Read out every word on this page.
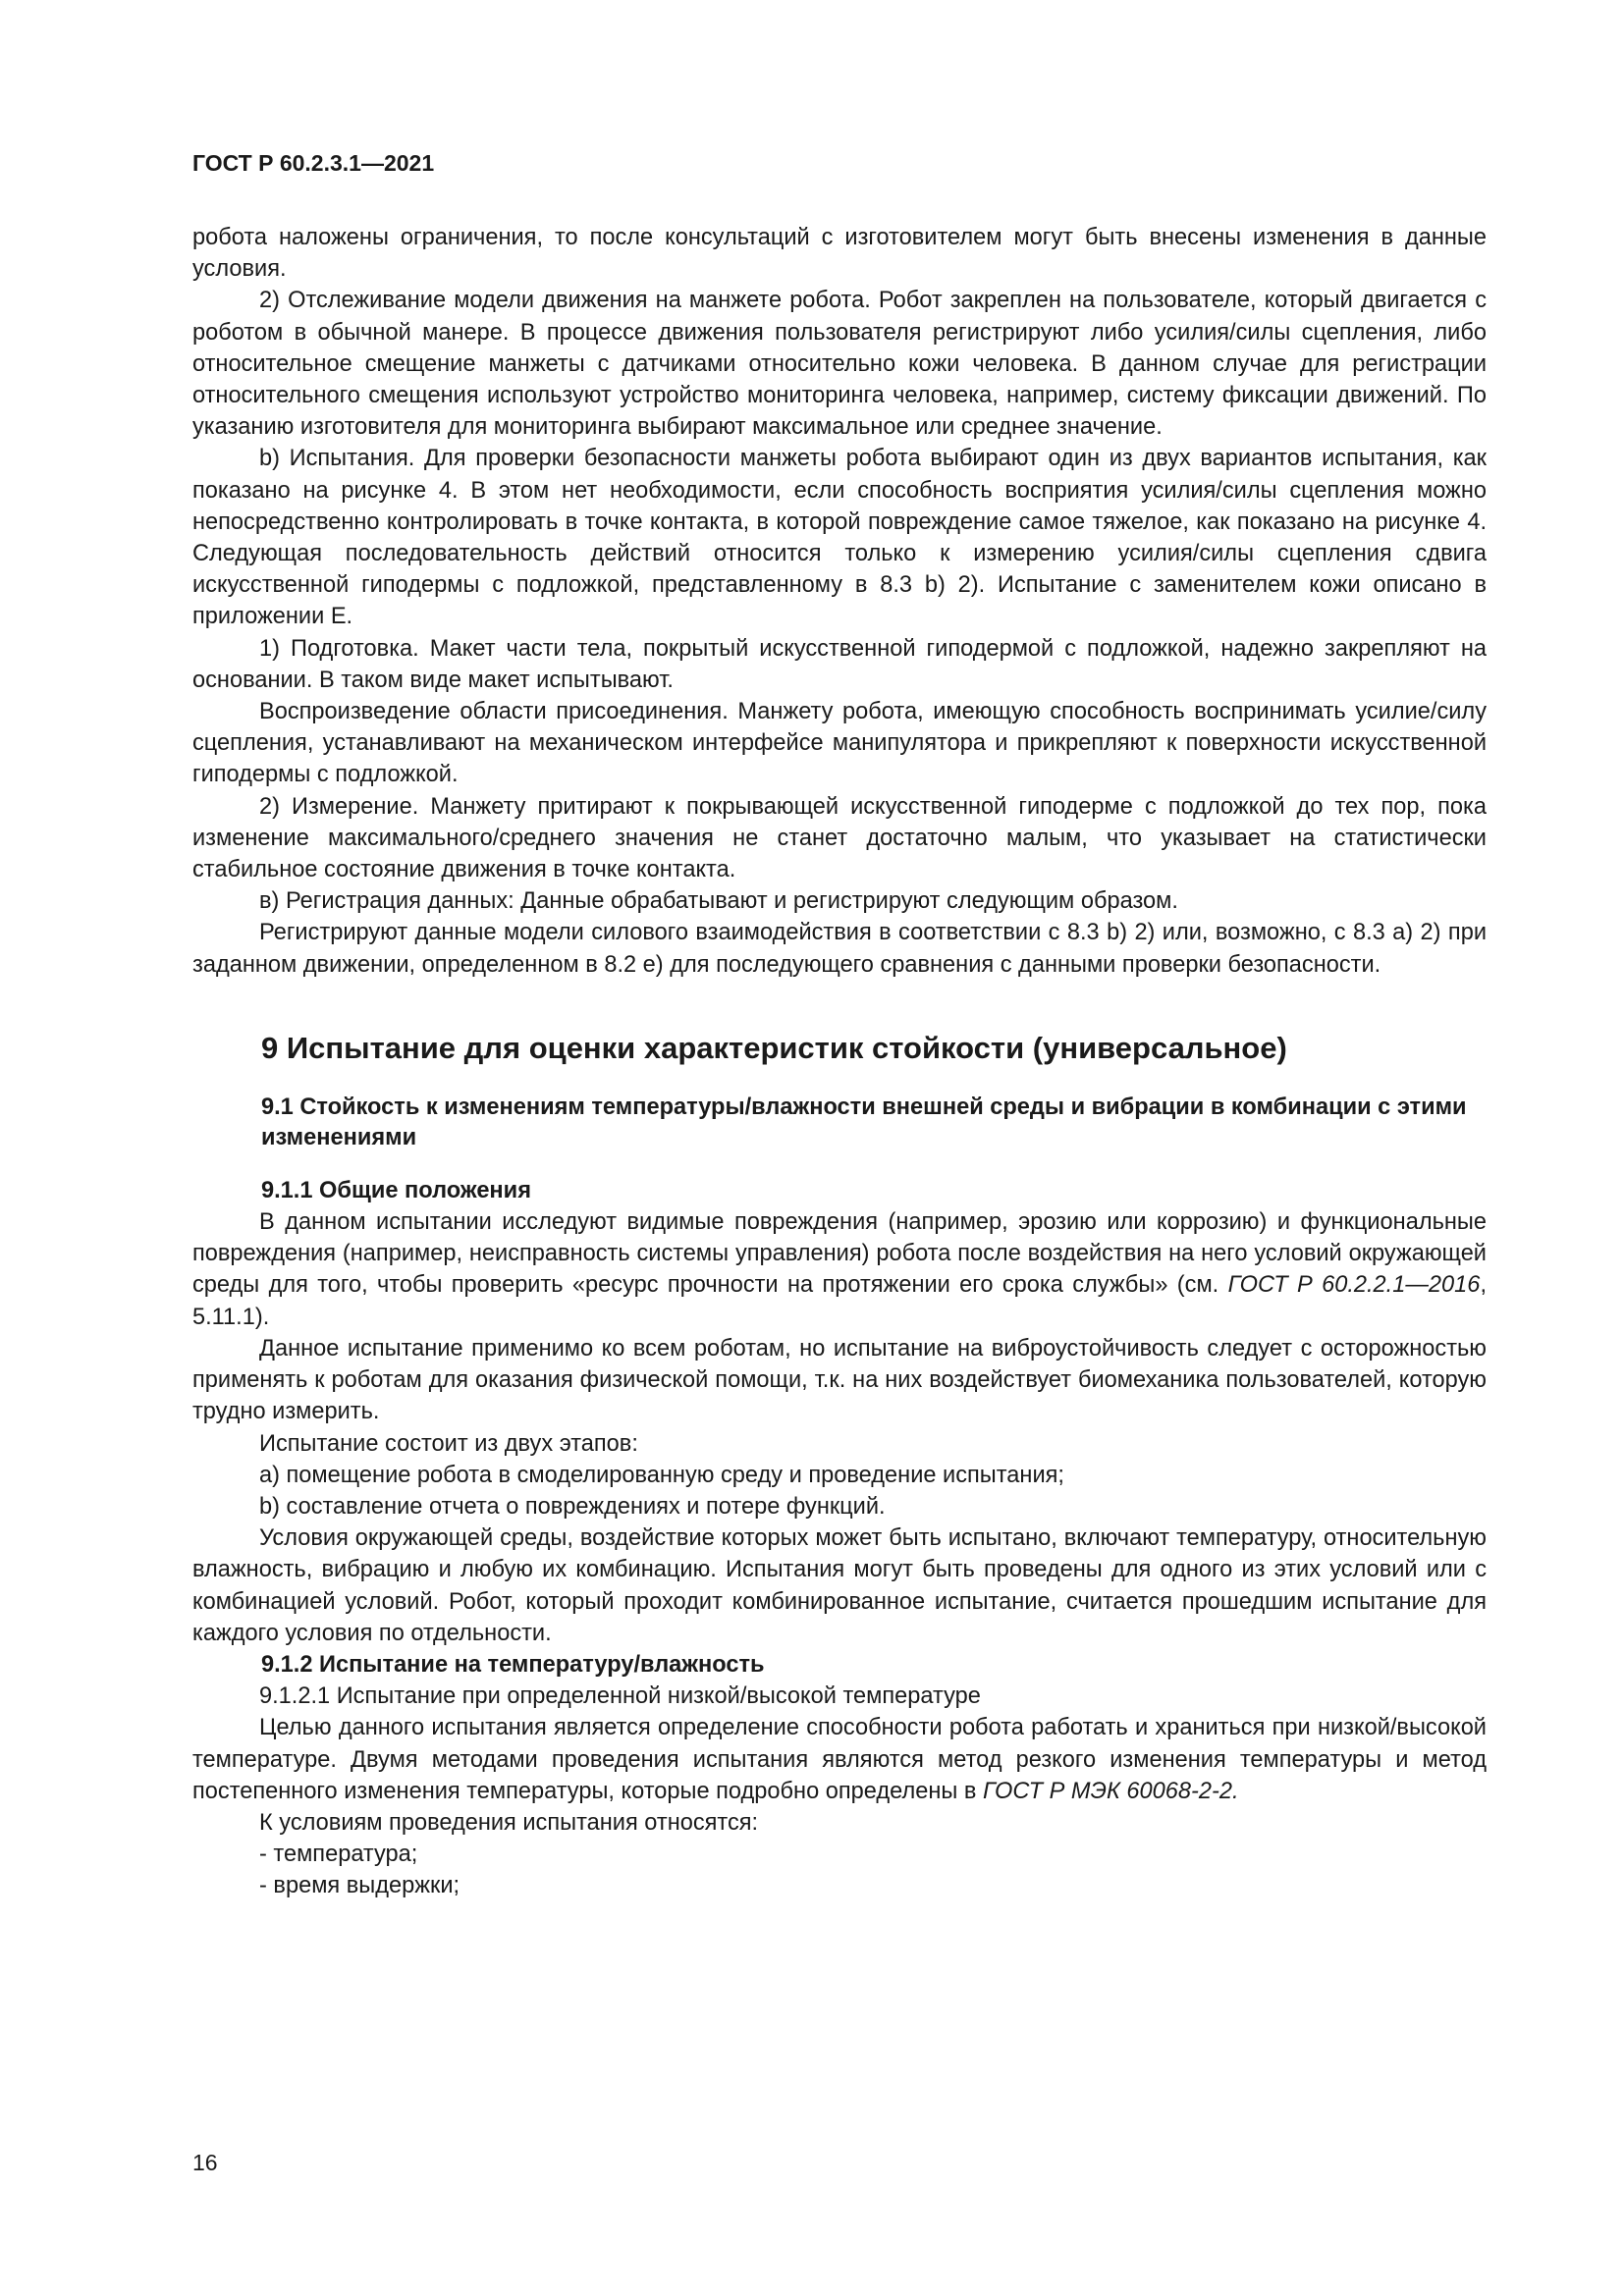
ГОСТ Р 60.2.3.1—2021

робота наложены ограничения, то после консультаций с изготовителем могут быть внесены изменения в данные условия.

2) Отслеживание модели движения на манжете робота. Робот закреплен на пользователе, который двигается с роботом в обычной манере. В процессе движения пользователя регистрируют либо усилия/силы сцепления, либо относительное смещение манжеты с датчиками относительно кожи человека. В данном случае для регистрации относительного смещения используют устройство мониторинга человека, например, систему фиксации движений. По указанию изготовителя для мониторинга выбирают максимальное или среднее значение.

b) Испытания. Для проверки безопасности манжеты робота выбирают один из двух вариантов испытания, как показано на рисунке 4. В этом нет необходимости, если способность восприятия усилия/силы сцепления можно непосредственно контролировать в точке контакта, в которой повреждение самое тяжелое, как показано на рисунке 4. Следующая последовательность действий относится только к измерению усилия/силы сцепления сдвига искусственной гиподермы с подложкой, представленному в 8.3 b) 2). Испытание с заменителем кожи описано в приложении Е.

1) Подготовка. Макет части тела, покрытый искусственной гиподермой с подложкой, надежно закрепляют на основании. В таком виде макет испытывают.

Воспроизведение области присоединения. Манжету робота, имеющую способность воспринимать усилие/силу сцепления, устанавливают на механическом интерфейсе манипулятора и прикрепляют к поверхности искусственной гиподермы с подложкой.

2) Измерение. Манжету притирают к покрывающей искусственной гиподерме с подложкой до тех пор, пока изменение максимального/среднего значения не станет достаточно малым, что указывает на статистически стабильное состояние движения в точке контакта.

в) Регистрация данных: Данные обрабатывают и регистрируют следующим образом.

Регистрируют данные модели силового взаимодействия в соответствии с 8.3 b) 2) или, возможно, с 8.3 а) 2) при заданном движении, определенном в 8.2 е) для последующего сравнения с данными проверки безопасности.

9 Испытание для оценки характеристик стойкости (универсальное)

9.1 Стойкость к изменениям температуры/влажности внешней среды и вибрации в комбинации с этими изменениями

9.1.1 Общие положения

В данном испытании исследуют видимые повреждения (например, эрозию или коррозию) и функциональные повреждения (например, неисправность системы управления) робота после воздействия на него условий окружающей среды для того, чтобы проверить «ресурс прочности на протяжении его срока службы» (см. ГОСТ Р 60.2.2.1—2016, 5.11.1).

Данное испытание применимо ко всем роботам, но испытание на виброустойчивость следует с осторожностью применять к роботам для оказания физической помощи, т.к. на них воздействует биомеханика пользователей, которую трудно измерить.

Испытание состоит из двух этапов:

а) помещение робота в смоделированную среду и проведение испытания;

b) составление отчета о повреждениях и потере функций.

Условия окружающей среды, воздействие которых может быть испытано, включают температуру, относительную влажность, вибрацию и любую их комбинацию. Испытания могут быть проведены для одного из этих условий или с комбинацией условий. Робот, который проходит комбинированное испытание, считается прошедшим испытание для каждого условия по отдельности.

9.1.2 Испытание на температуру/влажность

9.1.2.1 Испытание при определенной низкой/высокой температуре

Целью данного испытания является определение способности робота работать и храниться при низкой/высокой температуре. Двумя методами проведения испытания являются метод резкого изменения температуры и метод постепенного изменения температуры, которые подробно определены в ГОСТ Р МЭК 60068-2-2.

К условиям проведения испытания относятся:

- температура;

- время выдержки;

16
